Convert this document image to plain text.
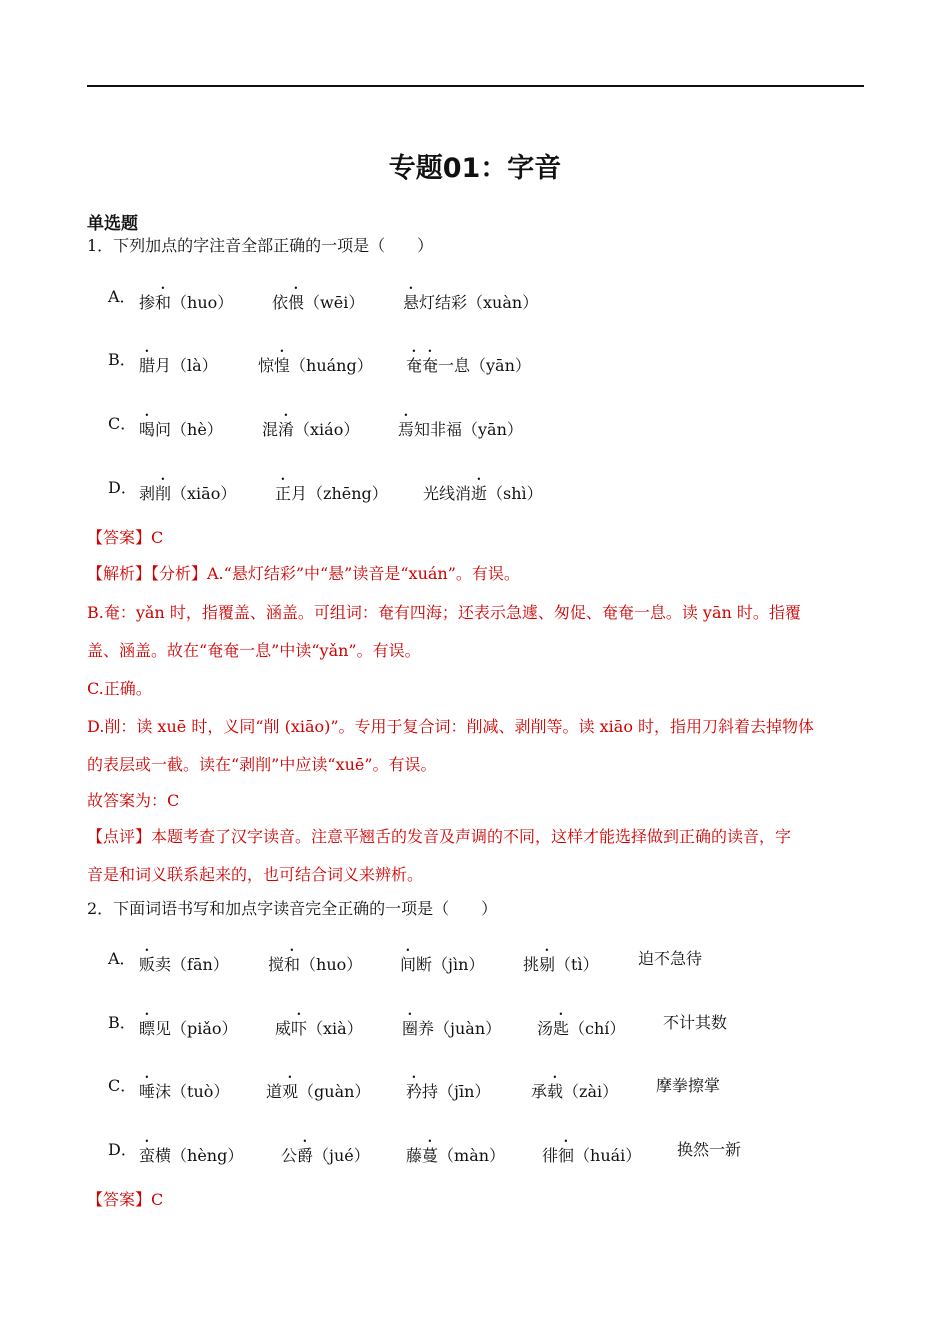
专题01：字音
单选题
1．下列加点的字注音全部正确的一项是（　　）
A． 掺和（huo） 依偎（wēi） 悬灯结彩（xuàn）
B． 腊月（là）	惊惶（huáng） 奄奄一息（yān）
C． 喝问（hè） 混淆（xiáo） 焉知非福（yān）
D． 剥削（xiāo） 正月（zhēng） 光线消逝（shì）
【答案】C
【解析】【分析】A.“悬灯结彩”中“悬”读音是“xuán”。有误。
B.奄：yǎn 时，指覆盖、涵盖。可组词：奄有四海；还表示急遽、匆促、奄奄一息。读 yān 时。指覆
盖、涵盖。故在“奄奄一息”中读“yǎn”。有误。
C.正确。
D.削：读 xuē 时，义同“削 (xiāo)”。专用于复合词：削减、剥削等。读 xiāo 时，指用刀斜着去掉物体
的表层或一截。读在“剥削”中应读“xuē”。有误。
故答案为：C
【点评】本题考查了汉字读音。注意平翘舌的发音及声调的不同，这样才能选择做到正确的读音，字
音是和词义联系起来的，也可结合词义来辨析。
2．下面词语书写和加点字读音完全正确的一项是（　　）
A． 贩卖（fān） 搅和（huo） 间断（jìn） 挑剔（tì） 迫不急待
B． 瞟见（piǎo） 威吓（xià） 圈养（juàn） 汤匙（chí） 不计其数
C． 唾沫（tuò） 道观（guàn） 矜持（jīn）	承载（zài） 摩拳擦掌
D． 蛮横（hèng） 公爵（jué） 藤蔓（màn） 徘徊（huái） 换然一新
【答案】C
